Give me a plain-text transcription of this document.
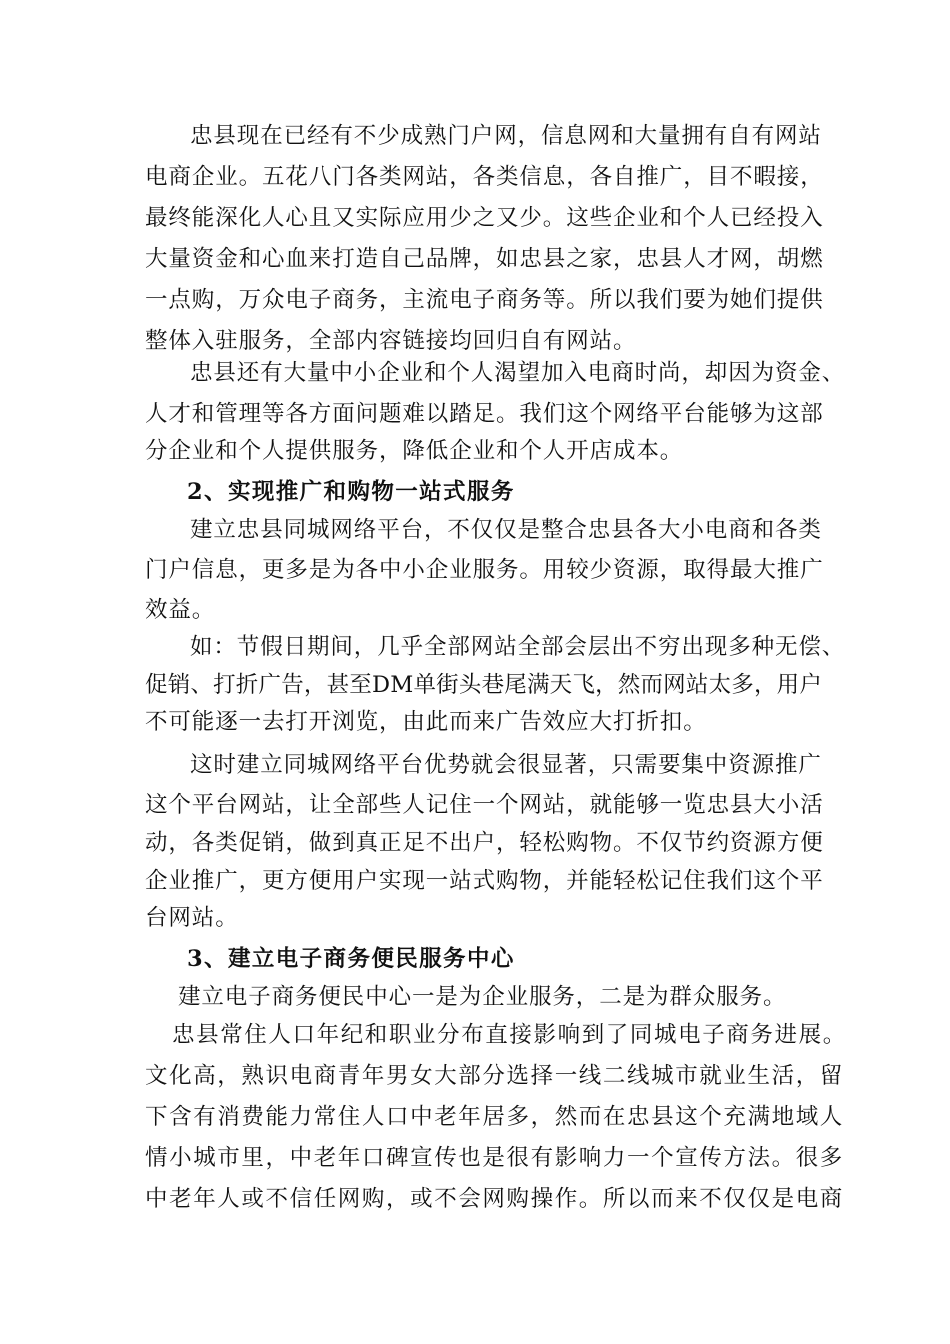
忠县现在已经有不少成熟门户网，信息网和大量拥有自有网站
电商企业。五花八门各类网站，各类信息，各自推广，目不暇接，
最终能深化人心且又实际应用少之又少。这些企业和个人已经投入
大量资金和心血来打造自己品牌，如忠县之家，忠县人才网，胡燃
一点购，万众电子商务，主流电子商务等。所以我们要为她们提供
整体入驻服务，全部内容链接均回归自有网站。
忠县还有大量中小企业和个人渴望加入电商时尚，却因为资金、
人才和管理等各方面问题难以踏足。我们这个网络平台能够为这部
分企业和个人提供服务，降低企业和个人开店成本。
2、实现推广和购物一站式服务
建立忠县同城网络平台，不仅仅是整合忠县各大小电商和各类
门户信息，更多是为各中小企业服务。用较少资源，取得最大推广
效益。
如：节假日期间，几乎全部网站全部会层出不穷出现多种无偿、
促销、打折广告，甚至DM单街头巷尾满天飞，然而网站太多，用户
不可能逐一去打开浏览，由此而来广告效应大打折扣。
这时建立同城网络平台优势就会很显著，只需要集中资源推广
这个平台网站，让全部些人记住一个网站，就能够一览忠县大小活
动，各类促销，做到真正足不出户，轻松购物。不仅节约资源方便
企业推广，更方便用户实现一站式购物，并能轻松记住我们这个平
台网站。
3、建立电子商务便民服务中心
建立电子商务便民中心一是为企业服务，二是为群众服务。
忠县常住人口年纪和职业分布直接影响到了同城电子商务进展。
文化高，熟识电商青年男女大部分选择一线二线城市就业生活，留
下含有消费能力常住人口中老年居多，然而在忠县这个充满地域人
情小城市里，中老年口碑宣传也是很有影响力一个宣传方法。很多
中老年人或不信任网购，或不会网购操作。所以而来不仅仅是电商
